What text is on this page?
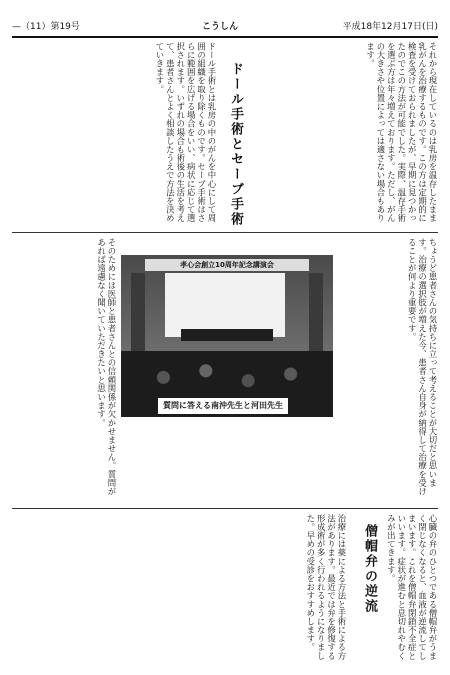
—（11）第19号	こうしん	平成18年12月17日(日)
それから現在しているのは乳房を温存したまま乳がんを治療するものです。この方は定期的に検査を受けておられましたが、早期に見つかったのでこの方法が可能でした。実際、温存手術を選ぶ方は年々増えております。ただし、がんの大きさや位置によっては適さない場合もあります。
ドール手術とセーブ手術
ドール手術とは乳房の中のがんを中心にして周囲の組織を取り除くものです。セーブ手術はさらに範囲を広げる場合をいい、病状に応じて選択されます。いずれの場合も術後の生活を考えて、患者さんとよく相談したうえで方法を決めていきます。
ちょうど患者さんの気持ちに立って考えることが大切だと思います。治療の選択肢が増えた今、患者さん自身が納得して治療を受けることが何より重要です。
そのためには医師と患者さんとの信頼関係が欠かせません。質問があれば遠慮なく聞いていただきたいと思います。	孝心会創立10周年記念講演会
質問に答える南沖先生と河田先生
心臓の弁のひとつである僧帽弁がうまく閉じなくなると、血液が逆流してしまいます。これを僧帽弁閉鎖不全症といいます。症状が進むと息切れやむくみが出てきます。
僧帽弁の逆流
治療には薬による方法と手術による方法があります。最近では弁を修復する形成術が多く行われるようになりました。早めの受診をおすすめします。
